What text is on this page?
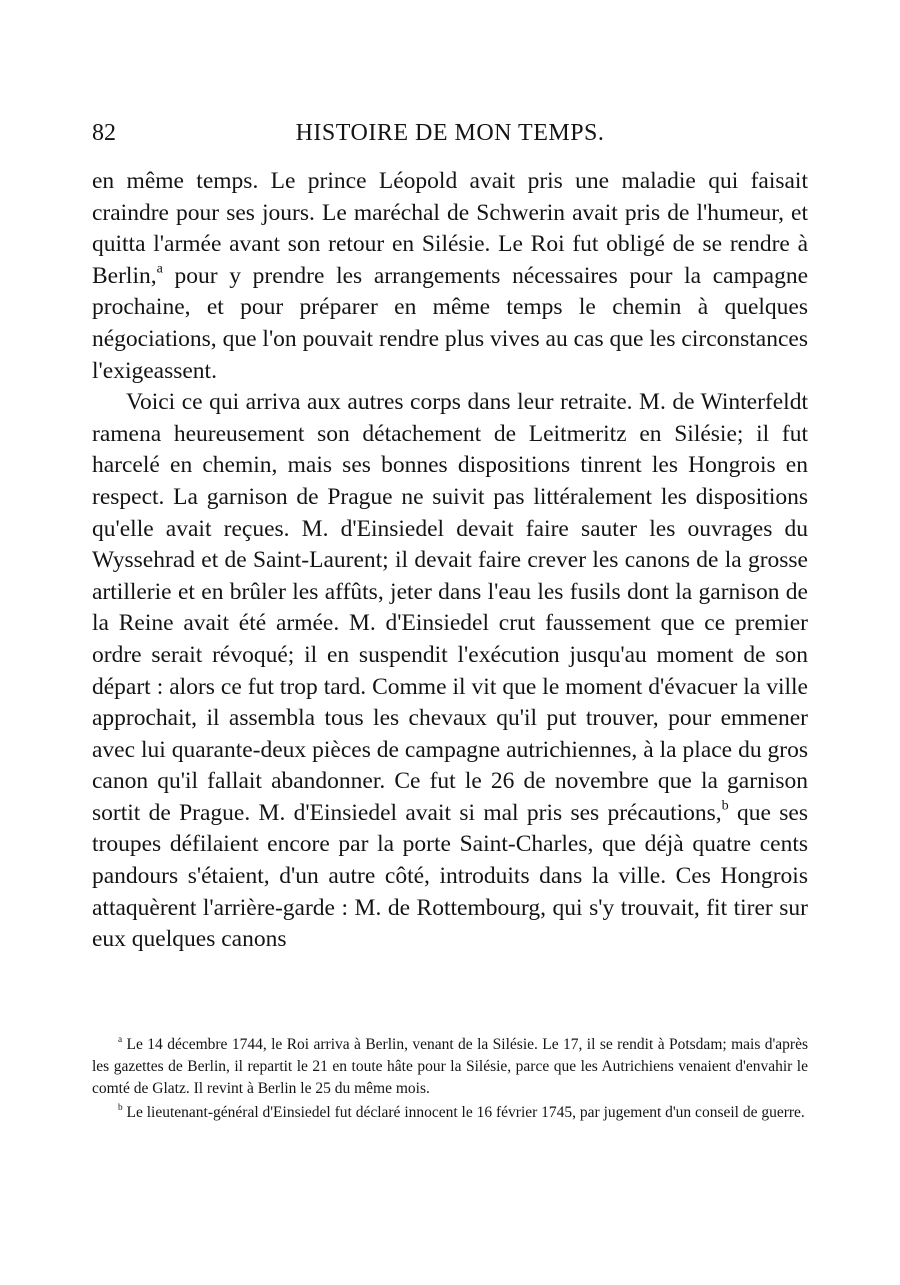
82	HISTOIRE DE MON TEMPS.

en même temps. Le prince Léopold avait pris une maladie qui faisait craindre pour ses jours. Le maréchal de Schwerin avait pris de l'humeur, et quitta l'armée avant son retour en Silésie. Le Roi fut obligé de se rendre à Berlin,$^a$ pour y prendre les arrangements nécessaires pour la campagne prochaine, et pour préparer en même temps le chemin à quelques négociations, que l'on pouvait rendre plus vives au cas que les circonstances l'exigeassent.

Voici ce qui arriva aux autres corps dans leur retraite. M. de Winterfeldt ramena heureusement son détachement de Leitmeritz en Silésie; il fut harcelé en chemin, mais ses bonnes dispositions tinrent les Hongrois en respect. La garnison de Prague ne suivit pas littéralement les dispositions qu'elle avait reçues. M. d'Einsiedel devait faire sauter les ouvrages du Wyssehrad et de Saint-Laurent; il devait faire crever les canons de la grosse artillerie et en brûler les affûts, jeter dans l'eau les fusils dont la garnison de la Reine avait été armée. M. d'Einsiedel crut faussement que ce premier ordre serait révoqué; il en suspendit l'exécution jusqu'au moment de son départ : alors ce fut trop tard. Comme il vit que le moment d'évacuer la ville approchait, il assembla tous les chevaux qu'il put trouver, pour emmener avec lui quarante-deux pièces de campagne autrichiennes, à la place du gros canon qu'il fallait abandonner. Ce fut le 26 de novembre que la garnison sortit de Prague. M. d'Einsiedel avait si mal pris ses précautions,$^b$ que ses troupes défilaient encore par la porte Saint-Charles, que déjà quatre cents pandours s'étaient, d'un autre côté, introduits dans la ville. Ces Hongrois attaquèrent l'arrière-garde : M. de Rottembourg, qui s'y trouvait, fit tirer sur eux quelques canons

$^a$ Le 14 décembre 1744, le Roi arriva à Berlin, venant de la Silésie. Le 17, il se rendit à Potsdam; mais d'après les gazettes de Berlin, il repartit le 21 en toute hâte pour la Silésie, parce que les Autrichiens venaient d'envahir le comté de Glatz. Il revint à Berlin le 25 du même mois.

$^b$ Le lieutenant-général d'Einsiedel fut déclaré innocent le 16 février 1745, par jugement d'un conseil de guerre.
